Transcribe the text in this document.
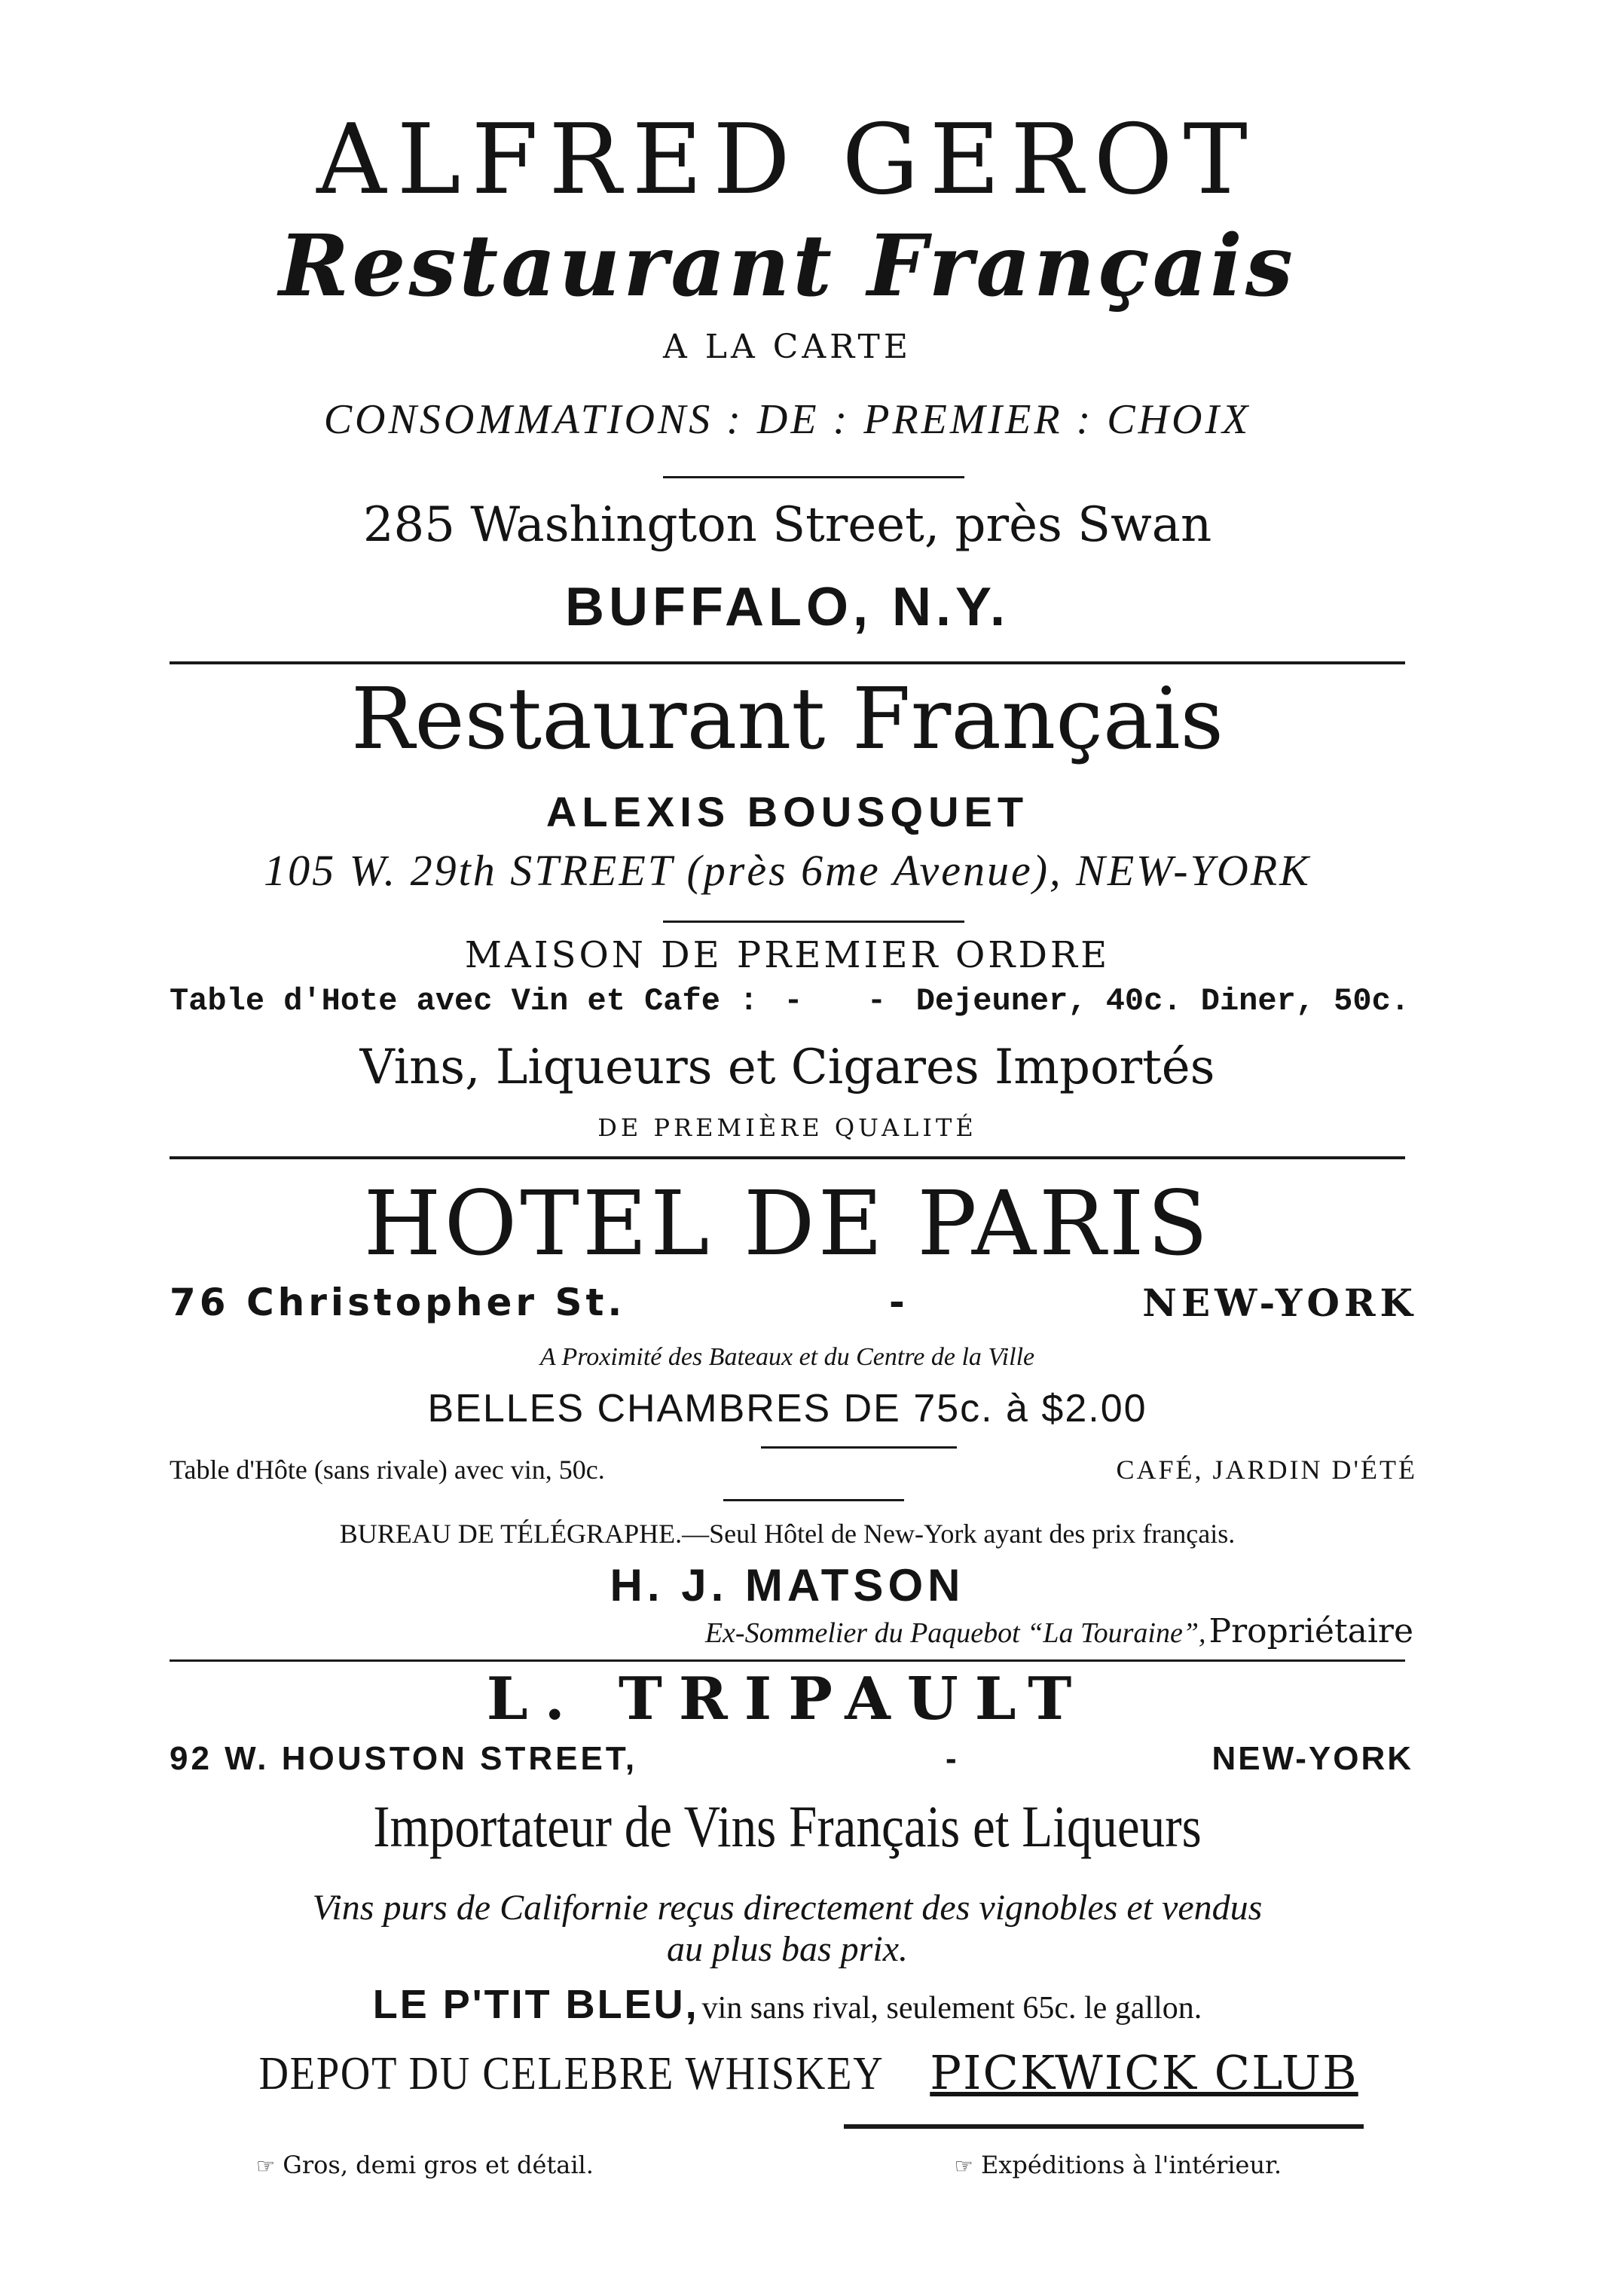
ALFRED GEROT
Restaurant Français
A LA CARTE
CONSOMMATIONS : DE : PREMIER : CHOIX
285 Washington Street, près Swan
BUFFALO, N.Y.
Restaurant Français
ALEXIS BOUSQUET
105 W. 29th STREET (près 6me Avenue), NEW-YORK
MAISON DE PREMIER ORDRE
Table d'Hote avec Vin et Cafe :
- - - Dejeuner, 40c. Diner, 50c.
Vins, Liqueurs et Cigares Importés
DE PREMIÈRE QUALITÉ
HOTEL DE PARIS
76 Christopher St.	-	NEW-YORK
A Proximité des Bateaux et du Centre de la Ville
BELLES CHAMBRES DE 75c. à $2.00
Table d'Hôte (sans rivale) avec vin, 50c.	CAFÉ, JARDIN D'ÉTÉ
BUREAU DE TÉLÉGRAPHE.—Seul Hôtel de New-York ayant des prix français.
H. J. MATSON
Ex-Sommelier du Paquebot “La Touraine”, Propriétaire
L. TRIPAULT
92 W. HOUSTON STREET,	-	NEW-YORK
Importateur de Vins Français et Liqueurs
Vins purs de Californie reçus directement des vignobles et vendus
au plus bas prix.
LE P'TIT BLEU, vin sans rival, seulement 65c. le gallon.
DEPOT DU CELEBRE WHISKEY PICKWICK CLUB
☞ Gros, demi gros et détail.	☞ Expéditions à l'intérieur.
